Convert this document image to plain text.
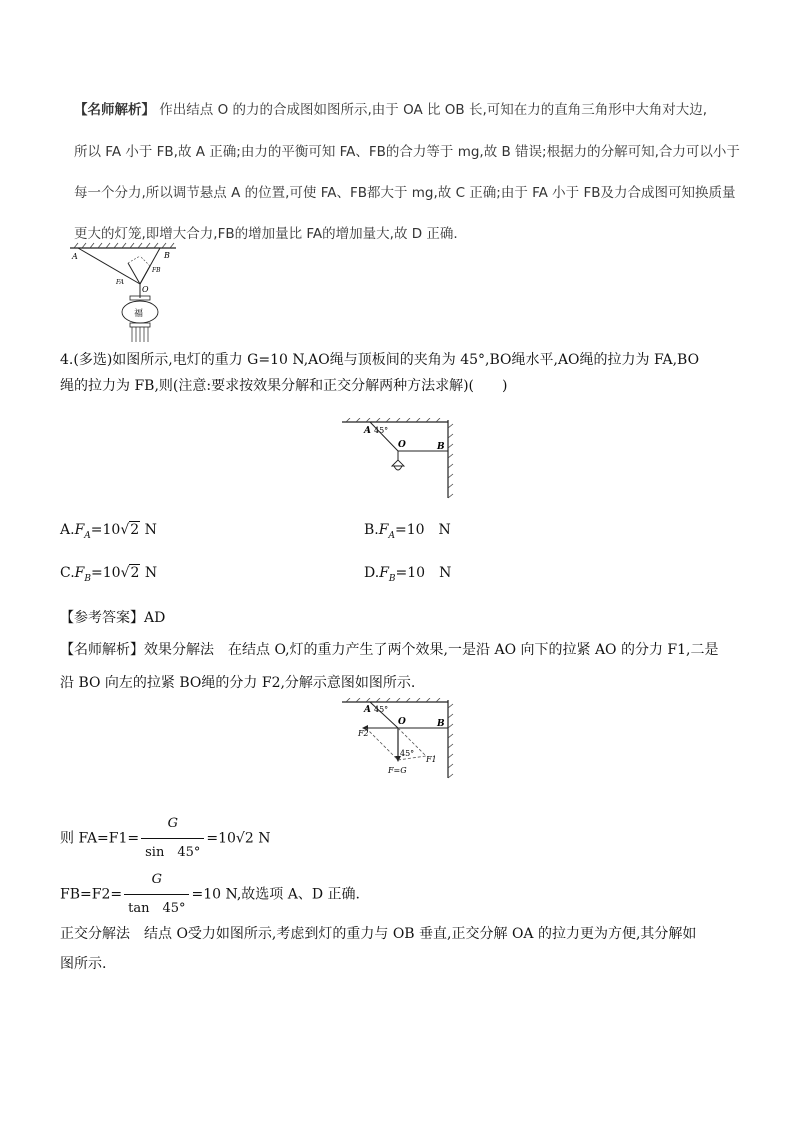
【名师解析】 作出结点 O 的力的合成图如图所示,由于 OA 比 OB 长,可知在力的直角三角形中大角对大边,
所以 FA 小于 FB,故 A 正确;由力的平衡可知 FA、FB的合力等于 mg,故 B 错误;根据力的分解可知,合力可以小于
每一个分力,所以调节悬点 A 的位置,可使 FA、FB都大于 mg,故 C 正确;由于 FA 小于 FB及力合成图可知换质量
更大的灯笼,即增大合力,FB的增加量比 FA的增加量大,故 D 正确.
A	B
O
FA
FB
福
4.(多选)如图所示,电灯的重力 G=10 N,AO绳与顶板间的夹角为 45°,BO绳水平,AO绳的拉力为 FA,BO
绳的拉力为 FB,则(注意:要求按效果分解和正交分解两种方法求解)(　　)
A 45°
O	B
$A.F_A=10√2$ N	$B.F_A=10$　N
$C.F_B=10√2$ N	$D.F_B=10$　N
【参考答案】AD
【名师解析】效果分解法　在结点 O,灯的重力产生了两个效果,一是沿 AO 向下的拉紧 AO 的分力 F1,二是
沿 BO 向左的拉紧 BO绳的分力 F2,分解示意图如图所示.
A 45°
O	B
F2
45°
F1
F=G
则 $FA=F1= \frac{G}{\sin 45^\circ} =10√2$ N
$FB=F2= \frac{G}{\tan 45^\circ} =10$ N,故选项 A、D 正确.
正交分解法　结点 O受力如图所示,考虑到灯的重力与 OB 垂直,正交分解 OA 的拉力更为方便,其分解如
图所示.
